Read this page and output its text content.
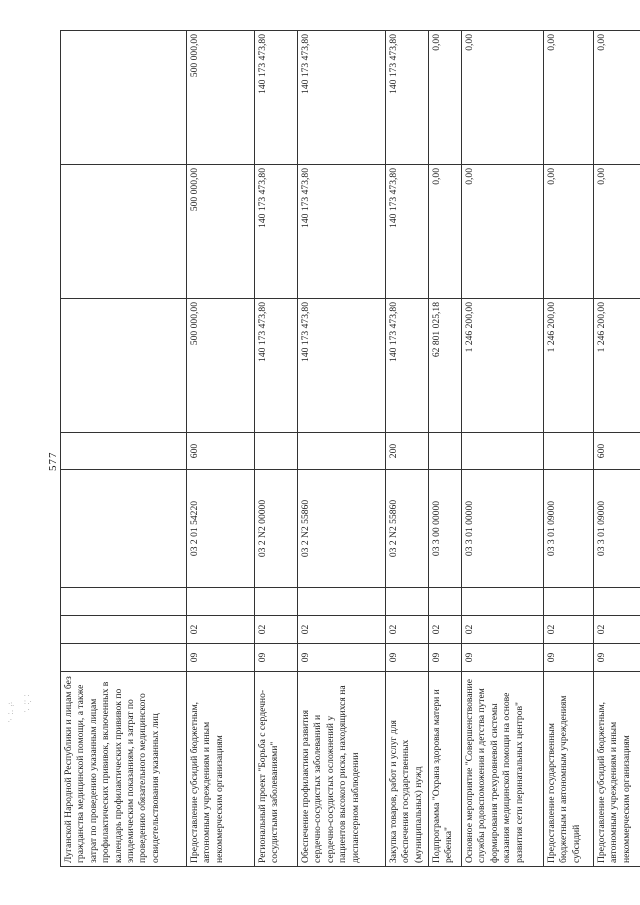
·:.
. :
.·
. .
: .·
. ·
577
Луганской Народной Республики и лицам без гражданства медицинской помощи, а также затрат по проведению указанным лицам профилактических прививок, включенных в календарь профилактических прививок по эпидемическим показаниям, и затрат по проведению обязательного медицинского освидетельствования указанных лиц								
Предоставление субсидий бюджетным, автономным учреждениям и иным некоммерческим организациям	09	02		03 2 01 54220	600	500 000,00	500 000,00	500 000,00
Региональный проект "Борьба с сердечно-сосудистыми заболеваниями"	09	02		03 2 N2 00000		140 173 473,80	140 173 473,80	140 173 473,80
Обеспечение профилактики развития сердечно-сосудистых заболеваний и сердечно-сосудистых осложнений у пациентов высокого риска, находящихся на диспансерном наблюдении	09	02		03 2 N2 55860		140 173 473,80	140 173 473,80	140 173 473,80
Закупка товаров, работ и услуг для обеспечения государственных (муниципальных) нужд	09	02		03 2 N2 55860	200	140 173 473,80	140 173 473,80	140 173 473,80
Подпрограмма "Охрана здоровья матери и ребенка"	09	02		03 3 00 00000		62 801 025,18	0,00	0,00
Основное мероприятие "Совершенствование службы родовспоможения и детства путем формирования трехуровневой системы оказания медицинской помощи на основе развития сети перинатальных центров"	09	02		03 3 01 00000		1 246 200,00	0,00	0,00
Предоставление государственным бюджетным и автономным учреждениям субсидий	09	02		03 3 01 09000		1 246 200,00	0,00	0,00
Предоставление субсидий бюджетным, автономным учреждениям и иным некоммерческим организациям	09	02		03 3 01 09000	600	1 246 200,00	0,00	0,00
